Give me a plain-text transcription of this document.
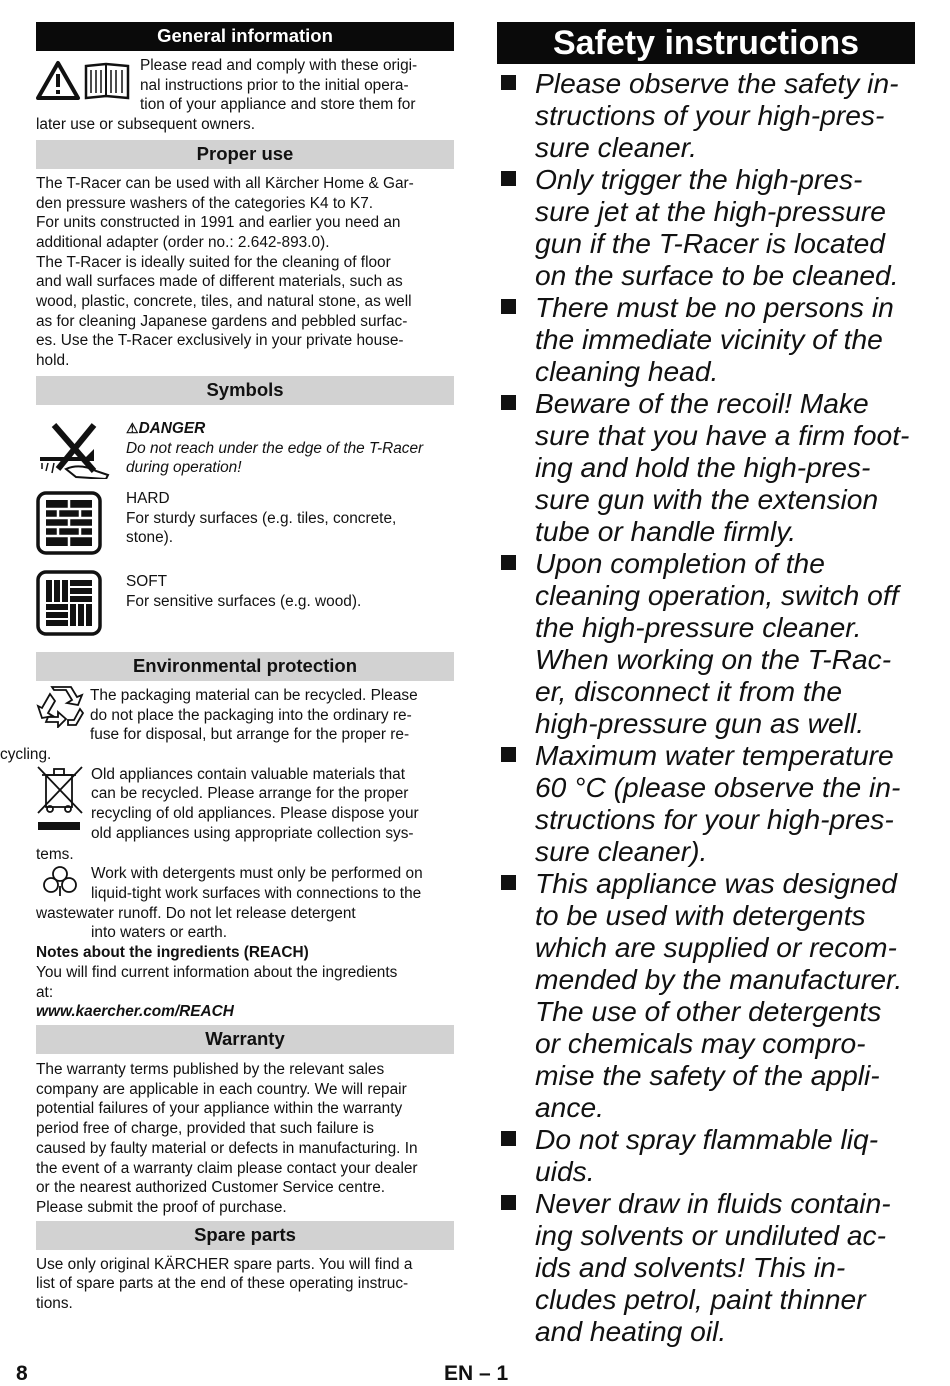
General information

Please read and comply with these origi-

nal instructions prior to the initial opera-

tion of your appliance and store them for

later use or subsequent owners.

Proper use

The T-Racer can be used with all Kärcher Home & Gar-

den pressure washers of the categories K4 to K7.

For units constructed in 1991 and earlier you need an

additional adapter (order no.: 2.642-893.0).

The T-Racer is ideally suited for the cleaning of floor

and wall surfaces made of different materials, such as

wood, plastic, concrete, tiles, and natural stone, as well

as for cleaning Japanese gardens and pebbled surfac-

es. Use the T-Racer exclusively in your private house-

hold.

Symbols
⚠DANGER
Do not reach under the edge of the T-Racer
during operation!
HARD
For sturdy surfaces (e.g. tiles, concrete,
stone).
SOFT
For sensitive surfaces (e.g. wood).
Environmental protection

The packaging material can be recycled. Please

do not place the packaging into the ordinary re-

fuse for disposal, but arrange for the proper re-

cycling.

Old appliances contain valuable materials that

can be recycled. Please arrange for the proper

recycling of old appliances. Please dispose your

old appliances using appropriate collection sys-

tems.

Work with detergents must only be performed on

liquid-tight work surfaces with connections to the

wastewater runoff. Do not let release detergent

into waters or earth.

Notes about the ingredients (REACH)

You will find current information about the ingredients

at:

www.kaercher.com/REACH

Warranty

The warranty terms published by the relevant sales

company are applicable in each country. We will repair

potential failures of your appliance within the warranty

period free of charge, provided that such failure is

caused by faulty material or defects in manufacturing. In

the event of a warranty claim please contact your dealer

or the nearest authorized Customer Service centre.

Please submit the proof of purchase.

Spare parts

Use only original KÄRCHER spare parts. You will find a

list of spare parts at the end of these operating instruc-

tions.

Safety instructions
Please observe the safety in-
structions of your high-pres-
sure cleaner.
Only trigger the high-pres-
sure jet at the high-pressure
gun if the T-Racer is located
on the surface to be cleaned.
There must be no persons in
the immediate vicinity of the
cleaning head.
Beware of the recoil! Make
sure that you have a firm foot-
ing and hold the high-pres-
sure gun with the extension
tube or handle firmly.
Upon completion of the
cleaning operation, switch off
the high-pressure cleaner.
When working on the T-Rac-
er, disconnect it from the
high-pressure gun as well.
Maximum water temperature
60 °C (please observe the in-
structions for your high-pres-
sure cleaner).
This appliance was designed
to be used with detergents
which are supplied or recom-
mended by the manufacturer.
The use of other detergents
or chemicals may compro-
mise the safety of the appli-
ance.
Do not spray flammable liq-
uids.
Never draw in fluids contain-
ing solvents or undiluted ac-
ids and solvents! This in-
cludes petrol, paint thinner
and heating oil.
8	EN – 1
